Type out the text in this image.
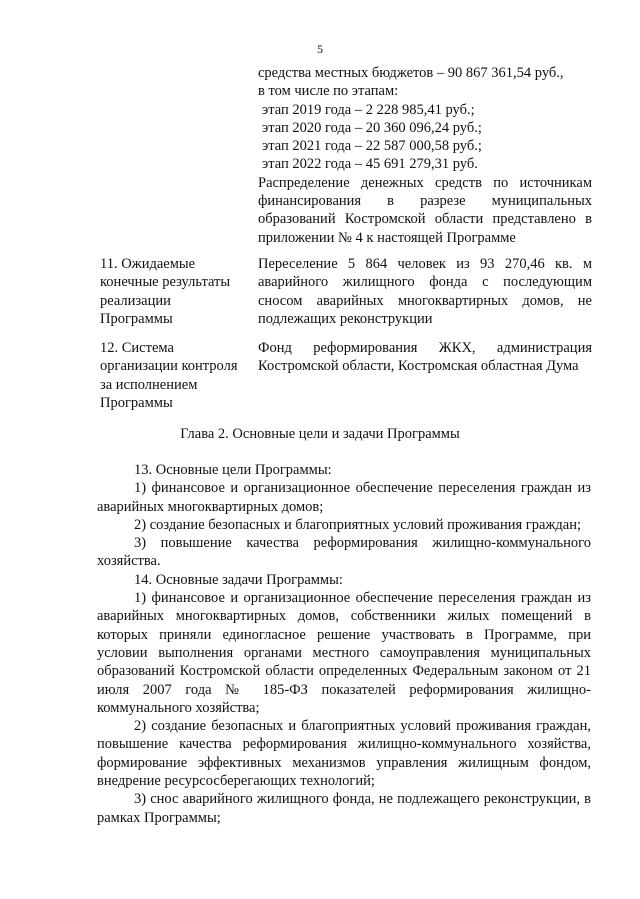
5
средства местных бюджетов – 90 867 361,54 руб.,
в том числе по этапам:
этап 2019 года – 2 228 985,41 руб.;
этап 2020 года – 20 360 096,24 руб.;
этап 2021 года – 22 587 000,58 руб.;
этап 2022 года – 45 691 279,31 руб.
Распределение денежных средств по источникам финансирования в разрезе муниципальных образований Костромской области представлено в приложении № 4 к настоящей Программе
11. Ожидаемые
конечные результаты
реализации
Программы
Переселение 5 864 человек из 93 270,46 кв. м аварийного жилищного фонда с последующим сносом аварийных многоквартирных домов, не подлежащих реконструкции
12. Система
организации контроля
за исполнением
Программы
Фонд реформирования ЖКХ, администрация Костромской области, Костромская областная Дума
Глава 2. Основные цели и задачи Программы

13. Основные цели Программы:

1) финансовое и организационное обеспечение переселения граждан из аварийных многоквартирных домов;

2) создание безопасных и благоприятных условий проживания граждан;

3) повышение качества реформирования жилищно-коммунального хозяйства.

14. Основные задачи Программы:

1) финансовое и организационное обеспечение переселения граждан из аварийных многоквартирных домов, собственники жилых помещений в которых приняли единогласное решение участвовать в Программе, при условии выполнения органами местного самоуправления муниципальных образований Костромской области определенных Федеральным законом от 21 июля 2007 года № 185-ФЗ показателей реформирования жилищно-коммунального хозяйства;

2) создание безопасных и благоприятных условий проживания граждан, повышение качества реформирования жилищно-коммунального хозяйства, формирование эффективных механизмов управления жилищным фондом, внедрение ресурсосберегающих технологий;

3) снос аварийного жилищного фонда, не подлежащего реконструкции, в рамках Программы;
